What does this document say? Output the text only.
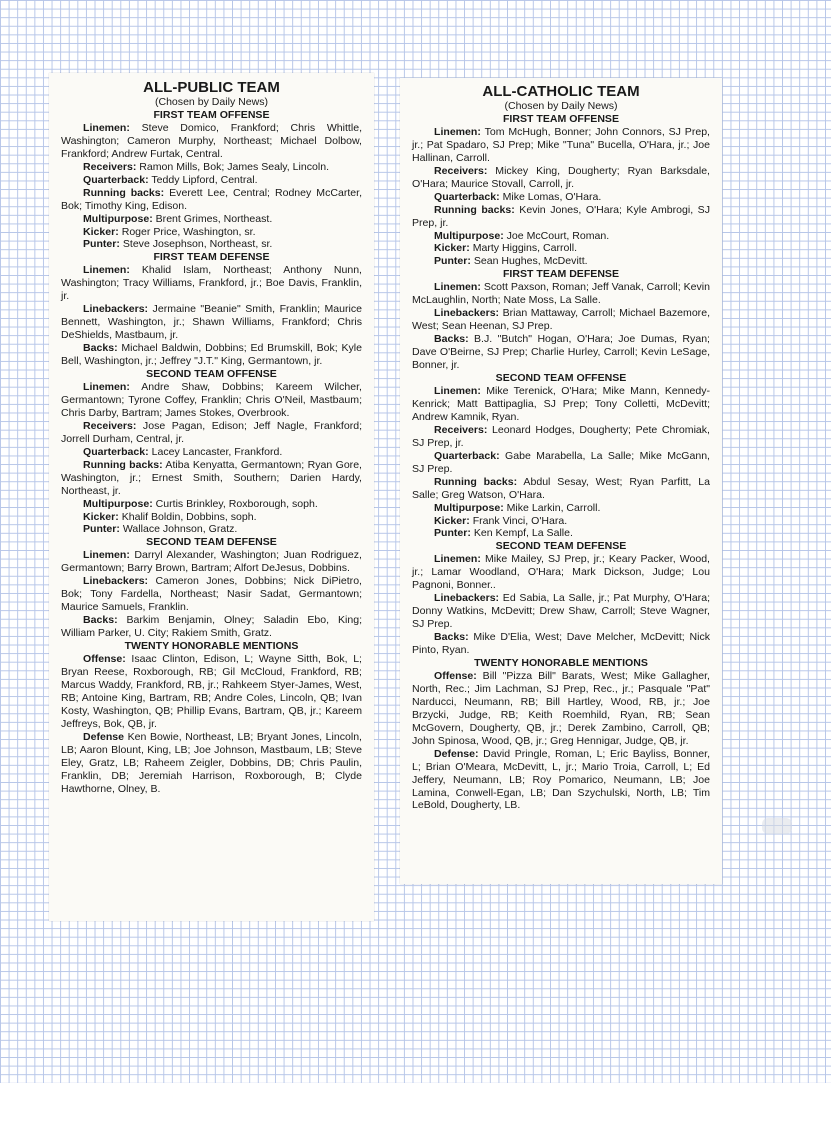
ALL-PUBLIC TEAM
(Chosen by Daily News)
FIRST TEAM OFFENSE
Linemen: Steve Domico, Frankford; Chris Whittle, Washington; Cameron Murphy, Northeast; Michael Dolbow, Frankford; Andrew Furtak, Central.
Receivers: Ramon Mills, Bok; James Sealy, Lincoln.
Quarterback: Teddy Lipford, Central.
Running backs: Everett Lee, Central; Rodney McCarter, Bok; Timothy King, Edison.
Multipurpose: Brent Grimes, Northeast.
Kicker: Roger Price, Washington, sr.
Punter: Steve Josephson, Northeast, sr.
FIRST TEAM DEFENSE
Linemen: Khalid Islam, Northeast; Anthony Nunn, Washington; Tracy Williams, Frankford, jr.; Boe Davis, Franklin, jr.
Linebackers: Jermaine "Beanie" Smith, Franklin; Maurice Bennett, Washington, jr.; Shawn Williams, Frankford; Chris DeShields, Mastbaum, jr.
Backs: Michael Baldwin, Dobbins; Ed Brumskill, Bok; Kyle Bell, Washington, jr.; Jeffrey "J.T." King, Germantown, jr.
SECOND TEAM OFFENSE
Linemen: Andre Shaw, Dobbins; Kareem Wilcher, Germantown; Tyrone Coffey, Franklin; Chris O'Neil, Mastbaum; Chris Darby, Bartram; James Stokes, Overbrook.
Receivers: Jose Pagan, Edison; Jeff Nagle, Frankford; Jorrell Durham, Central, jr.
Quarterback: Lacey Lancaster, Frankford.
Running backs: Atiba Kenyatta, Germantown; Ryan Gore, Washington, jr.; Ernest Smith, Southern; Darien Hardy, Northeast, jr.
Multipurpose: Curtis Brinkley, Roxborough, soph.
Kicker: Khalif Boldin, Dobbins, soph.
Punter: Wallace Johnson, Gratz.
SECOND TEAM DEFENSE
Linemen: Darryl Alexander, Washington; Juan Rodriguez, Germantown; Barry Brown, Bartram; Alfort DeJesus, Dobbins.
Linebackers: Cameron Jones, Dobbins; Nick DiPietro, Bok; Tony Fardella, Northeast; Nasir Sadat, Germantown; Maurice Samuels, Franklin.
Backs: Barkim Benjamin, Olney; Saladin Ebo, King; William Parker, U. City; Rakiem Smith, Gratz.
TWENTY HONORABLE MENTIONS
Offense: Isaac Clinton, Edison, L; Wayne Sitth, Bok, L; Bryan Reese, Roxborough, RB; Gil McCloud, Frankford, RB; Marcus Waddy, Frankford, RB, jr.; Rahkeem Styer-James, West, RB; Antoine King, Bartram, RB; Andre Coles, Lincoln, QB; Ivan Kosty, Washington, QB; Phillip Evans, Bartram, QB, jr.; Kareem Jeffreys, Bok, QB, jr.
Defense Ken Bowie, Northeast, LB; Bryant Jones, Lincoln, LB; Aaron Blount, King, LB; Joe Johnson, Mastbaum, LB; Steve Eley, Gratz, LB; Raheem Zeigler, Dobbins, DB; Chris Paulin, Franklin, DB; Jeremiah Harrison, Roxborough, B; Clyde Hawthorne, Olney, B.
ALL-CATHOLIC TEAM
(Chosen by Daily News)
FIRST TEAM OFFENSE
Linemen: Tom McHugh, Bonner; John Connors, SJ Prep, jr.; Pat Spadaro, SJ Prep; Mike "Tuna" Bucella, O'Hara, jr.; Joe Hallinan, Carroll.
Receivers: Mickey King, Dougherty; Ryan Barksdale, O'Hara; Maurice Stovall, Carroll, jr.
Quarterback: Mike Lomas, O'Hara.
Running backs: Kevin Jones, O'Hara; Kyle Ambrogi, SJ Prep, jr.
Multipurpose: Joe McCourt, Roman.
Kicker: Marty Higgins, Carroll.
Punter: Sean Hughes, McDevitt.
FIRST TEAM DEFENSE
Linemen: Scott Paxson, Roman; Jeff Vanak, Carroll; Kevin McLaughlin, North; Nate Moss, La Salle.
Linebackers: Brian Mattaway, Carroll; Michael Bazemore, West; Sean Heenan, SJ Prep.
Backs: B.J. "Butch" Hogan, O'Hara; Joe Dumas, Ryan; Dave O'Beirne, SJ Prep; Charlie Hurley, Carroll; Kevin LeSage, Bonner, jr.
SECOND TEAM OFFENSE
Linemen: Mike Terenick, O'Hara; Mike Mann, Kennedy-Kenrick; Matt Battipaglia, SJ Prep; Tony Colletti, McDevitt; Andrew Kamnik, Ryan.
Receivers: Leonard Hodges, Dougherty; Pete Chromiak, SJ Prep, jr.
Quarterback: Gabe Marabella, La Salle; Mike McGann, SJ Prep.
Running backs: Abdul Sesay, West; Ryan Parfitt, La Salle; Greg Watson, O'Hara.
Multipurpose: Mike Larkin, Carroll.
Kicker: Frank Vinci, O'Hara.
Punter: Ken Kempf, La Salle.
SECOND TEAM DEFENSE
Linemen: Mike Mailey, SJ Prep, jr.; Keary Packer, Wood, jr.; Lamar Woodland, O'Hara; Mark Dickson, Judge; Lou Pagnoni, Bonner..
Linebackers: Ed Sabia, La Salle, jr.; Pat Murphy, O'Hara; Donny Watkins, McDevitt; Drew Shaw, Carroll; Steve Wagner, SJ Prep.
Backs: Mike D'Elia, West; Dave Melcher, McDevitt; Nick Pinto, Ryan.
TWENTY HONORABLE MENTIONS
Offense: Bill "Pizza Bill" Barats, West; Mike Gallagher, North, Rec.; Jim Lachman, SJ Prep, Rec., jr.; Pasquale "Pat" Narducci, Neumann, RB; Bill Hartley, Wood, RB, jr.; Joe Brzycki, Judge, RB; Keith Roemhild, Ryan, RB; Sean McGovern, Dougherty, QB, jr.; Derek Zambino, Carroll, QB; John Spinosa, Wood, QB, jr.; Greg Hennigar, Judge, QB, jr.
Defense: David Pringle, Roman, L; Eric Bayliss, Bonner, L; Brian O'Meara, McDevitt, L, jr.; Mario Troia, Carroll, L; Ed Jeffery, Neumann, LB; Roy Pomarico, Neumann, LB; Joe Lamina, Conwell-Egan, LB; Dan Szychulski, North, LB; Tim LeBold, Dougherty, LB.
